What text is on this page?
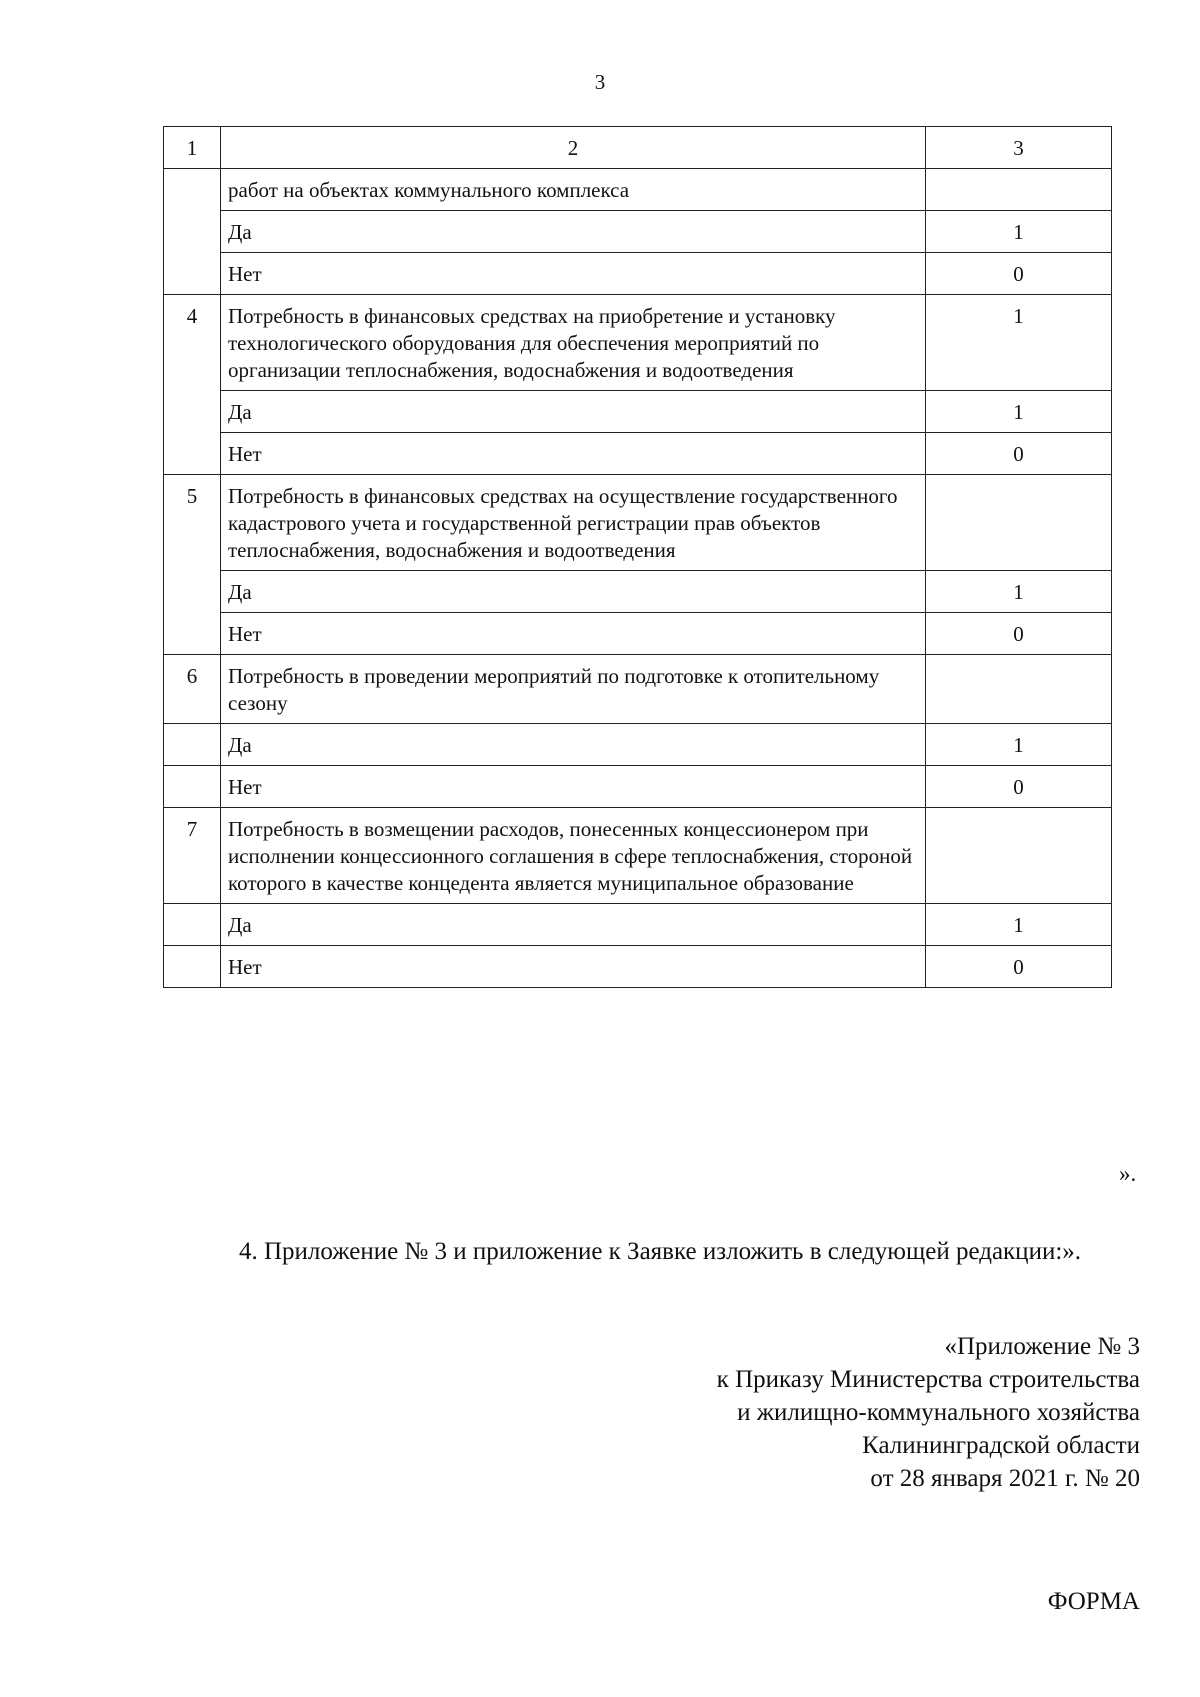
3
1	2	3
	работ на объектах коммунального комплекса	
	Да	1
	Нет	0
4	Потребность в финансовых средствах на приобретение и установку технологического оборудования для обеспечения мероприятий по организации теплоснабжения, водоснабжения и водоотведения	1
	Да	1
	Нет	0
5	Потребность в финансовых средствах на осуществление государственного кадастрового учета и государственной регистрации прав объектов теплоснабжения, водоснабжения и водоотведения	
	Да	1
	Нет	0
6	Потребность в проведении мероприятий по подготовке к отопительному сезону	
	Да	1
	Нет	0
7	Потребность в возмещении расходов, понесенных концессионером при исполнении концессионного соглашения в сфере теплоснабжения, стороной которого в качестве концедента является муниципальное образование	
	Да	1
	Нет	0
».
4. Приложение № 3 и приложение к Заявке изложить в следующей редакции:».
«Приложение № 3
к Приказу Министерства строительства
и жилищно-коммунального хозяйства
Калининградской области
от 28 января 2021 г. № 20
ФОРМА
